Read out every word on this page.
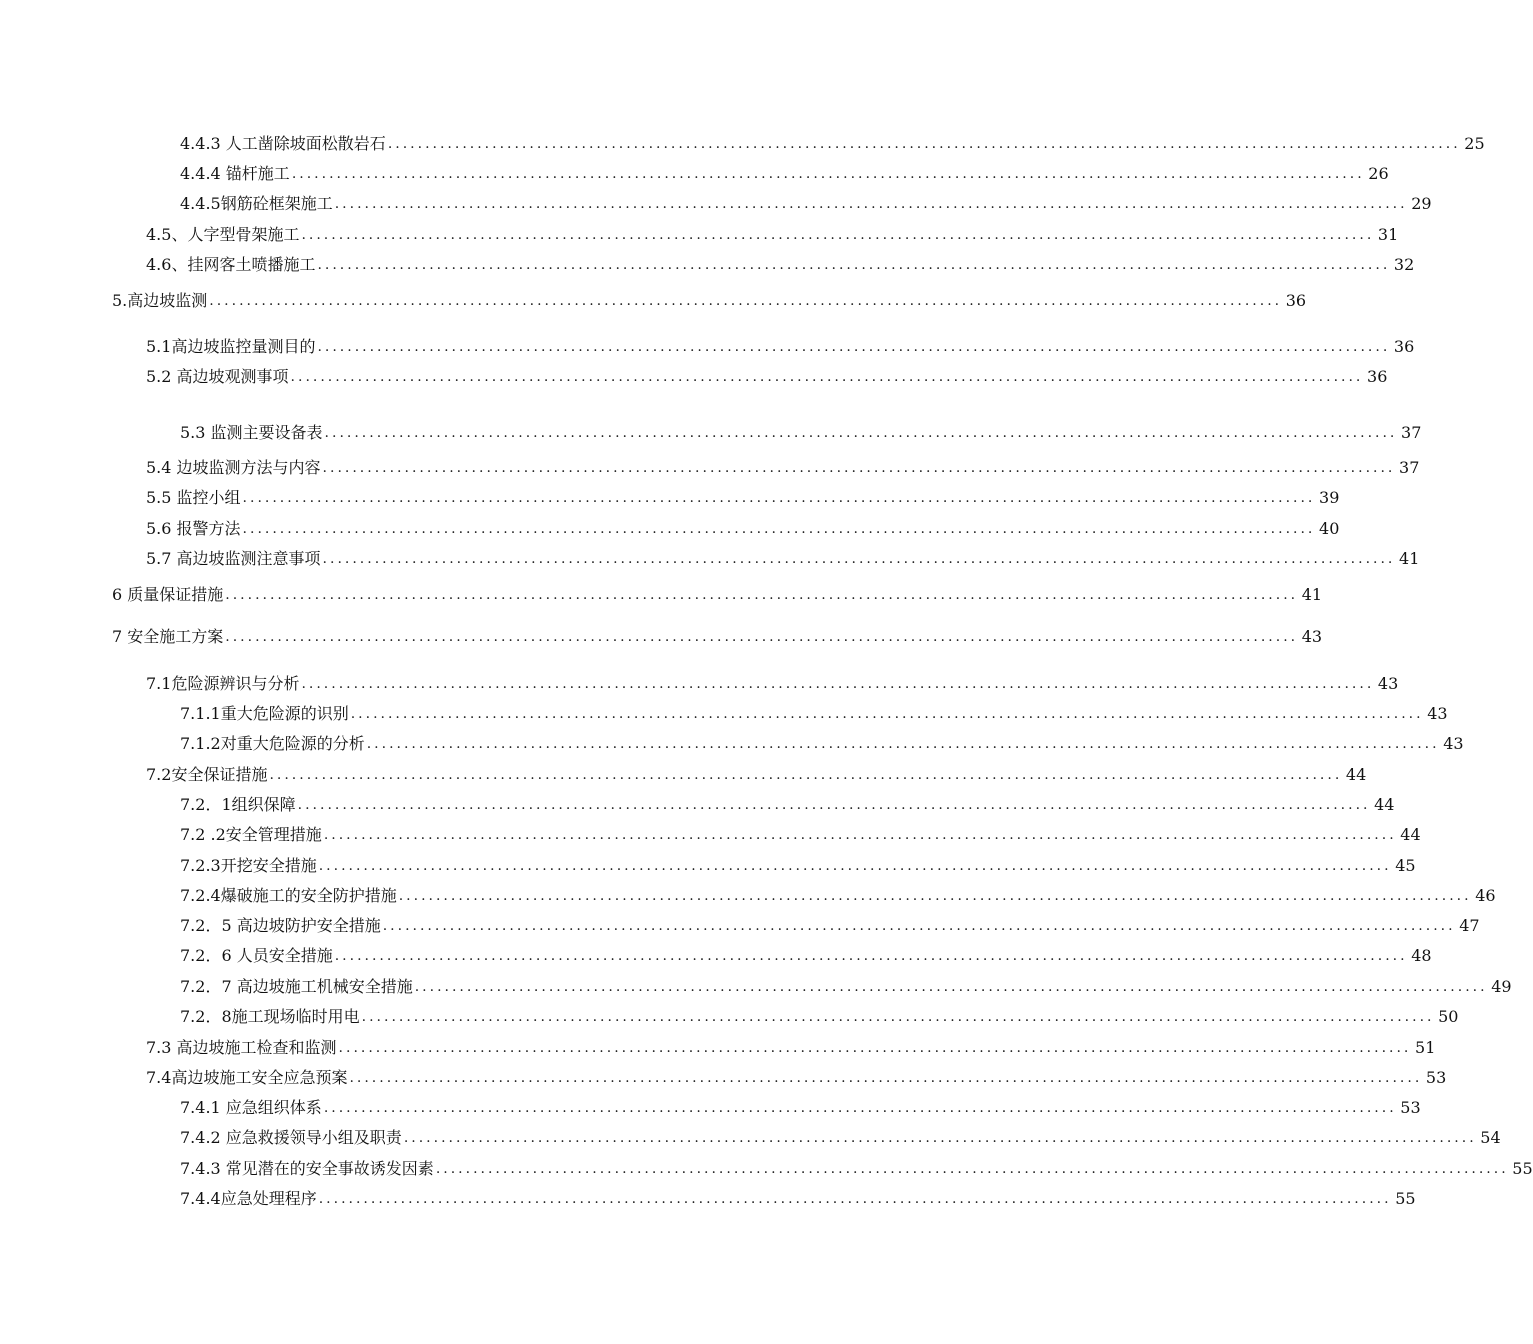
4.4.3 人工凿除坡面松散岩石 ................................................................................................................................................ 25
4.4.4 锚杆施工 ................................................................................................................................................ 26
4.4.5钢筋砼框架施工 ................................................................................................................................................ 29
4.5、人字型骨架施工 ................................................................................................................................................ 31
4.6、挂网客土喷播施工 ................................................................................................................................................ 32
5.高边坡监测 ................................................................................................................................................ 36
5.1高边坡监控量测目的 ................................................................................................................................................ 36
5.2 高边坡观测事项 ................................................................................................................................................ 36
5.3 监测主要设备表 ................................................................................................................................................ 37
5.4 边坡监测方法与内容 ................................................................................................................................................ 37
5.5 监控小组 ................................................................................................................................................ 39
5.6 报警方法 ................................................................................................................................................ 40
5.7 高边坡监测注意事项 ................................................................................................................................................ 41
6 质量保证措施 ................................................................................................................................................ 41
7 安全施工方案 ................................................................................................................................................ 43
7.1危险源辨识与分析 ................................................................................................................................................ 43
7.1.1重大危险源的识别 ................................................................................................................................................ 43
7.1.2对重大危险源的分析 ................................................................................................................................................ 43
7.2安全保证措施 ................................................................................................................................................ 44
7.2．1组织保障 ................................................................................................................................................ 44
7.2 .2安全管理措施 ................................................................................................................................................ 44
7.2.3开挖安全措施 ................................................................................................................................................ 45
7.2.4爆破施工的安全防护措施 ................................................................................................................................................ 46
7.2．5 高边坡防护安全措施 ................................................................................................................................................ 47
7.2．6 人员安全措施 ................................................................................................................................................ 48
7.2．7 高边坡施工机械安全措施 ................................................................................................................................................ 49
7.2．8施工现场临时用电 ................................................................................................................................................ 50
7.3 高边坡施工检查和监测 ................................................................................................................................................ 51
7.4高边坡施工安全应急预案 ................................................................................................................................................ 53
7.4.1 应急组织体系 ................................................................................................................................................ 53
7.4.2 应急救援领导小组及职责 ................................................................................................................................................ 54
7.4.3 常见潜在的安全事故诱发因素 ................................................................................................................................................ 55
7.4.4应急处理程序 ................................................................................................................................................ 55
